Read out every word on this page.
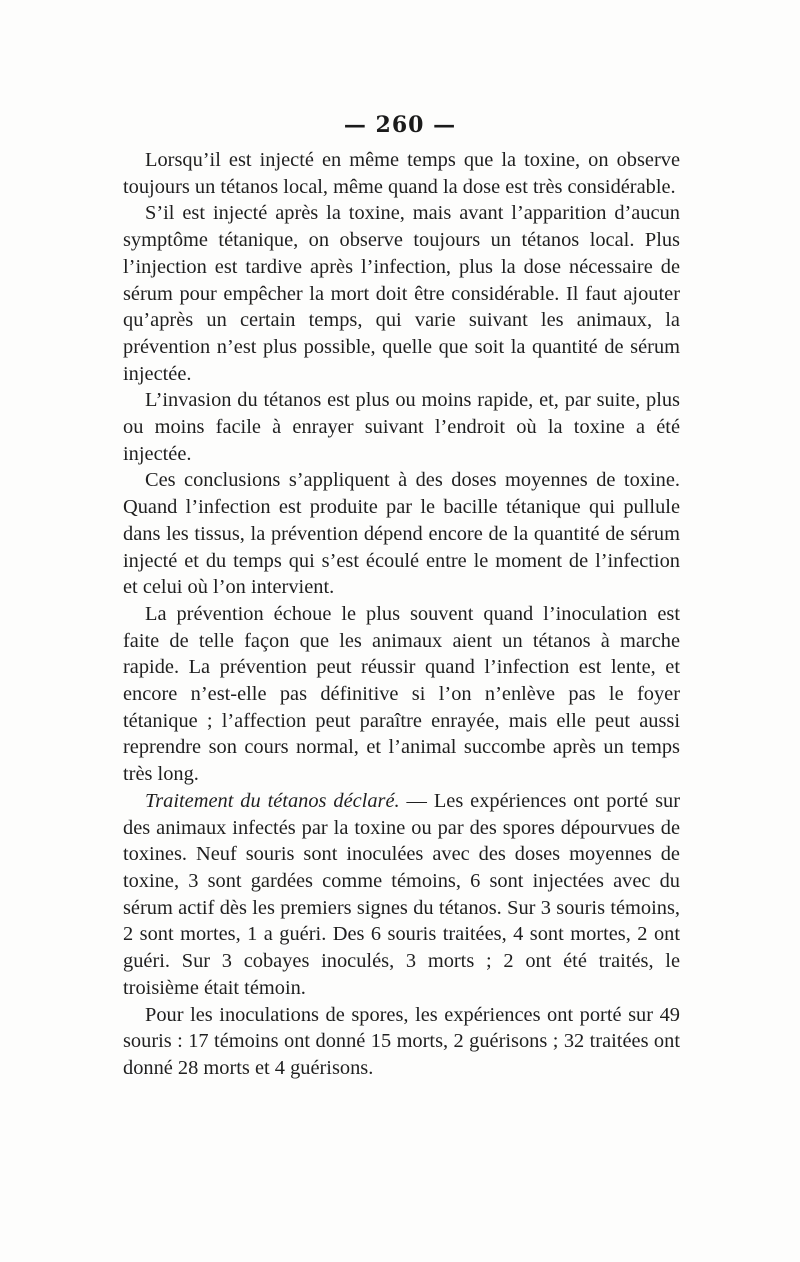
— 260 —

Lorsqu’il est injecté en même temps que la toxine, on observe toujours un tétanos local, même quand la dose est très considérable.

S’il est injecté après la toxine, mais avant l’apparition d’aucun symptôme tétanique, on observe toujours un tétanos local. Plus l’injection est tardive après l’infection, plus la dose nécessaire de sérum pour empêcher la mort doit être considérable. Il faut ajouter qu’après un certain temps, qui varie suivant les animaux, la prévention n’est plus possible, quelle que soit la quantité de sérum injectée.

L’invasion du tétanos est plus ou moins rapide, et, par suite, plus ou moins facile à enrayer suivant l’endroit où la toxine a été injectée.

Ces conclusions s’appliquent à des doses moyennes de toxine. Quand l’infection est produite par le bacille tétanique qui pullule dans les tissus, la prévention dépend encore de la quantité de sérum injecté et du temps qui s’est écoulé entre le moment de l’infection et celui où l’on intervient.

La prévention échoue le plus souvent quand l’inoculation est faite de telle façon que les animaux aient un tétanos à marche rapide. La prévention peut réussir quand l’infection est lente, et encore n’est-elle pas définitive si l’on n’enlève pas le foyer tétanique ; l’affection peut paraître enrayée, mais elle peut aussi reprendre son cours normal, et l’animal succombe après un temps très long.

Traitement du tétanos déclaré. — Les expériences ont porté sur des animaux infectés par la toxine ou par des spores dépourvues de toxines. Neuf souris sont inoculées avec des doses moyennes de toxine, 3 sont gardées comme témoins, 6 sont injectées avec du sérum actif dès les premiers signes du tétanos. Sur 3 souris témoins, 2 sont mortes, 1 a guéri. Des 6 souris traitées, 4 sont mortes, 2 ont guéri. Sur 3 cobayes inoculés, 3 morts ; 2 ont été traités, le troisième était témoin.

Pour les inoculations de spores, les expériences ont porté sur 49 souris : 17 témoins ont donné 15 morts, 2 guérisons ; 32 traitées ont donné 28 morts et 4 guérisons.
